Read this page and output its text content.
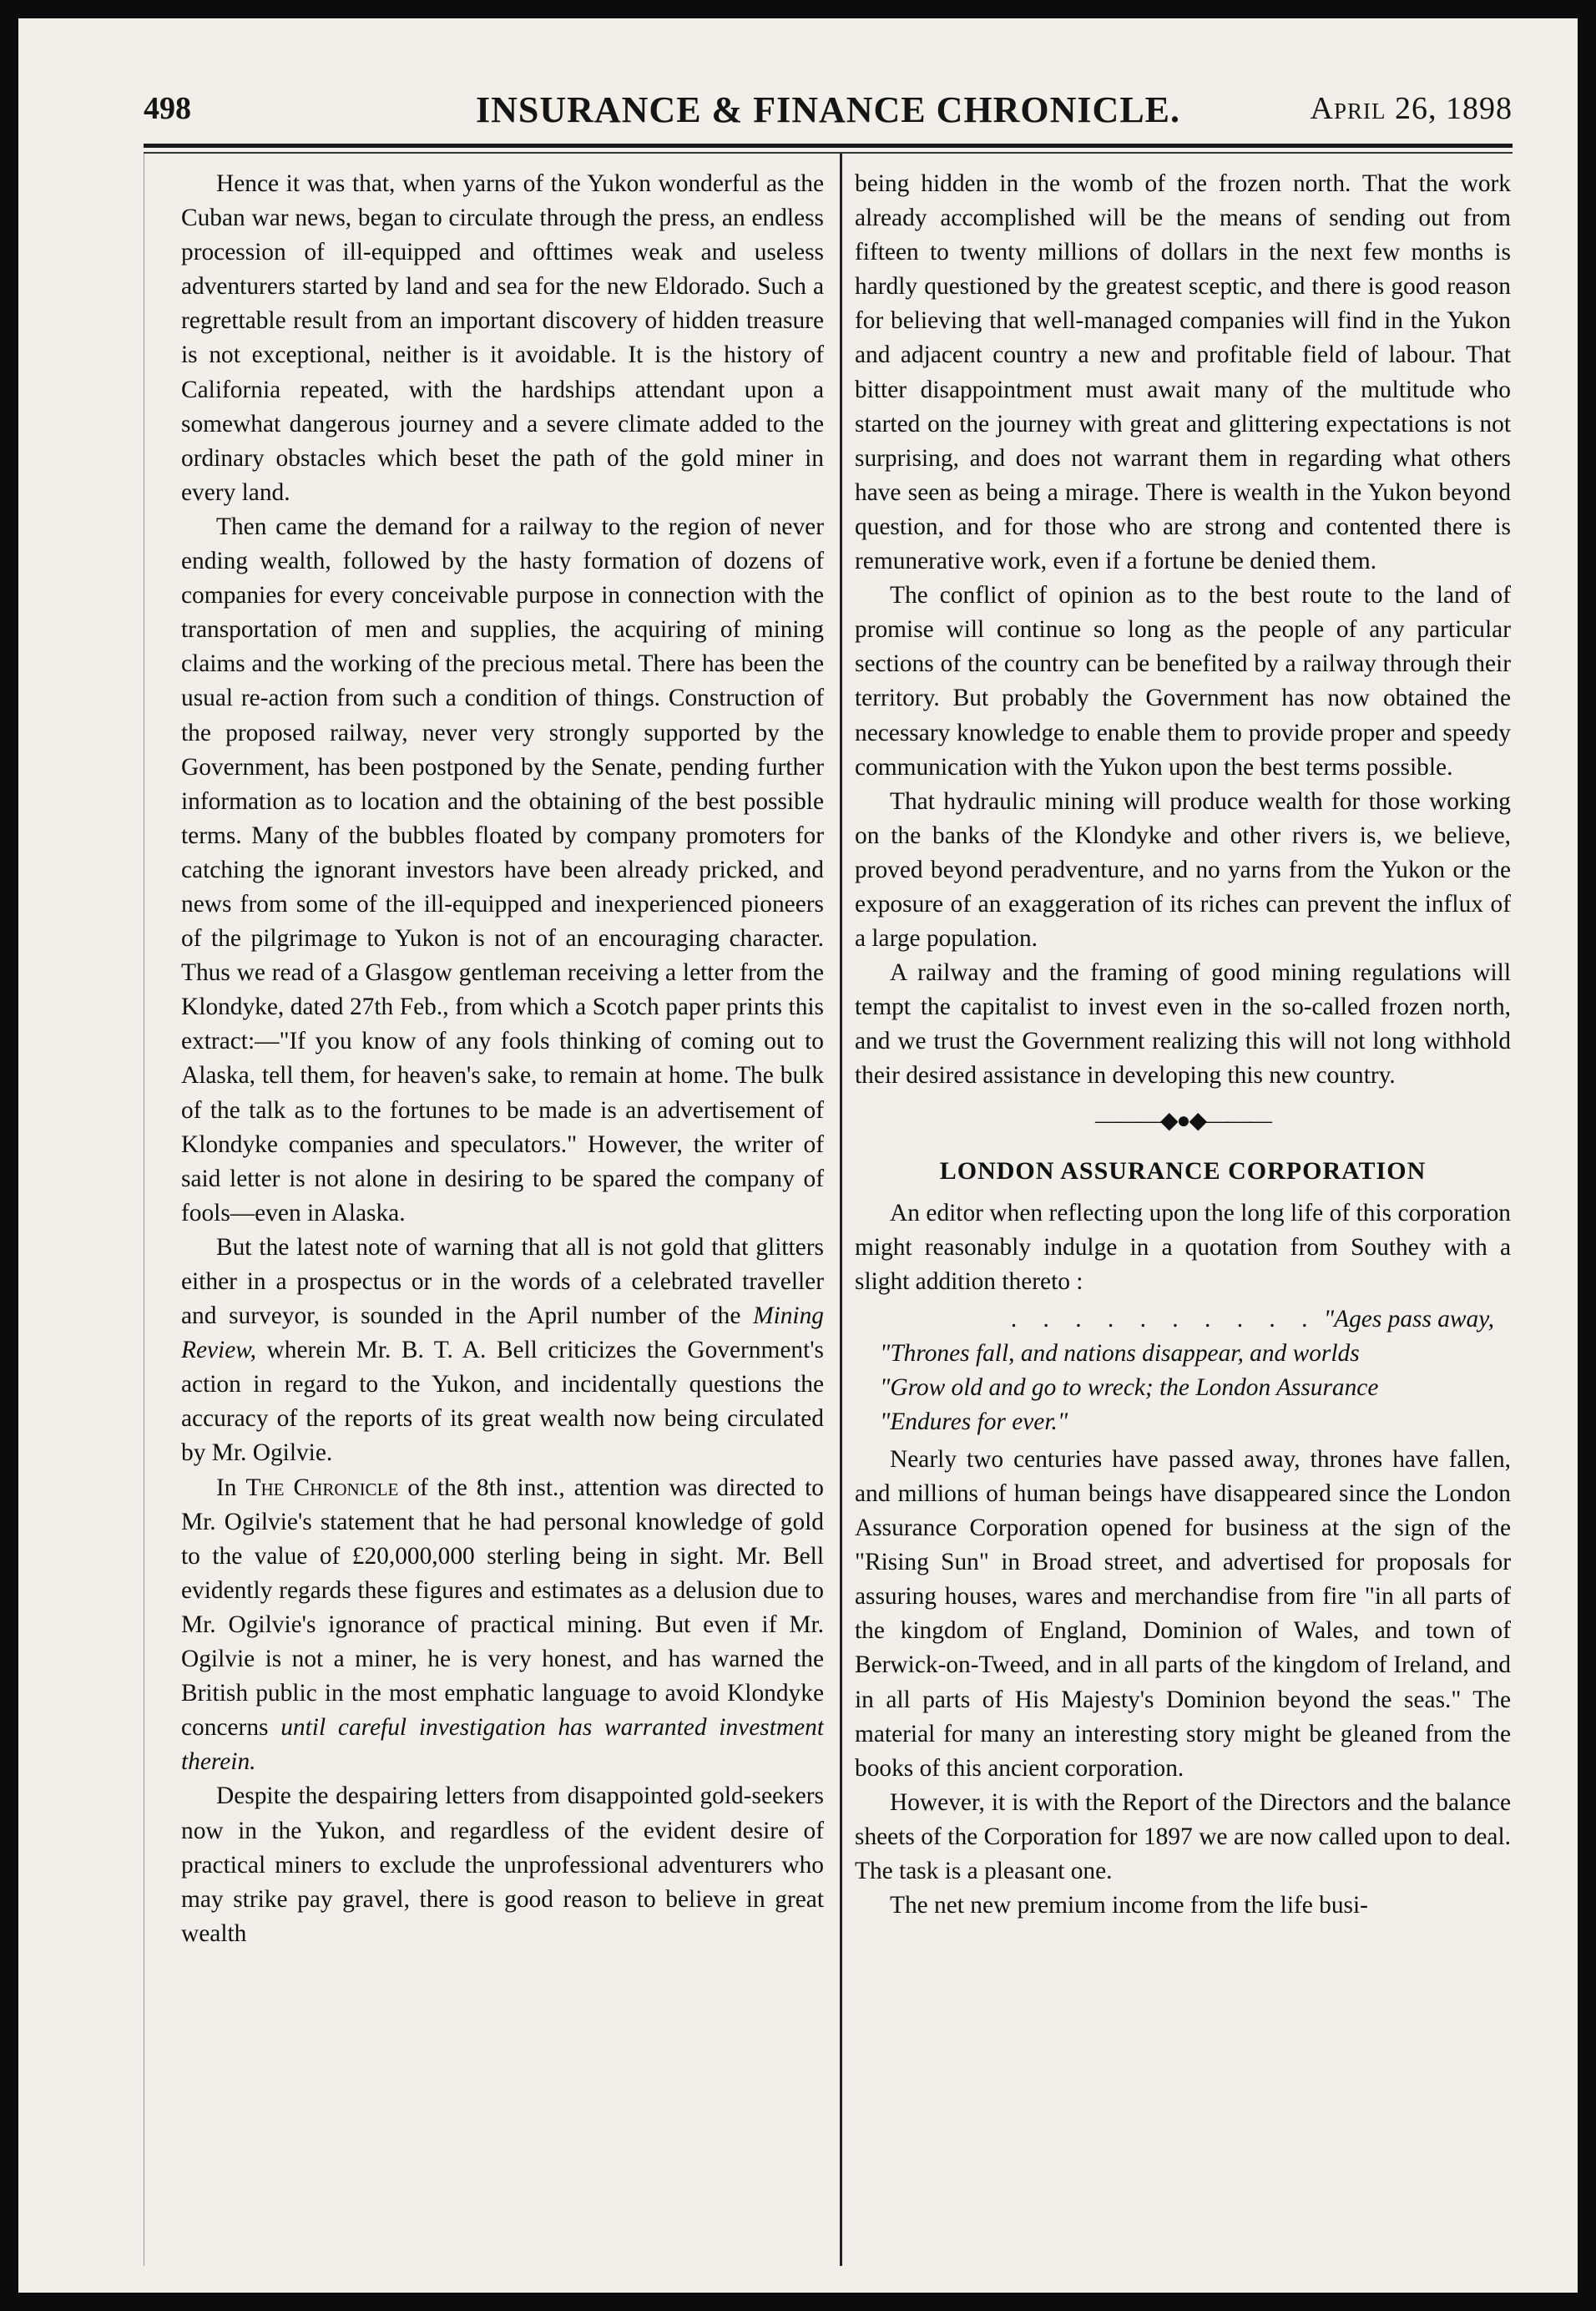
498	INSURANCE & FINANCE CHRONICLE.	April 26, 1898

Hence it was that, when yarns of the Yukon wonderful as the Cuban war news, began to circulate through the press, an endless procession of ill-equipped and ofttimes weak and useless adventurers started by land and sea for the new Eldorado. Such a regrettable result from an important discovery of hidden treasure is not exceptional, neither is it avoidable. It is the history of California repeated, with the hardships attendant upon a somewhat dangerous journey and a severe climate added to the ordinary obstacles which beset the path of the gold miner in every land.

Then came the demand for a railway to the region of never ending wealth, followed by the hasty formation of dozens of companies for every conceivable purpose in connection with the transportation of men and supplies, the acquiring of mining claims and the working of the precious metal. There has been the usual re-action from such a condition of things. Construction of the proposed railway, never very strongly supported by the Government, has been postponed by the Senate, pending further information as to location and the obtaining of the best possible terms. Many of the bubbles floated by company promoters for catching the ignorant investors have been already pricked, and news from some of the ill-equipped and inexperienced pioneers of the pilgrimage to Yukon is not of an encouraging character. Thus we read of a Glasgow gentleman receiving a letter from the Klondyke, dated 27th Feb., from which a Scotch paper prints this extract:—"If you know of any fools thinking of coming out to Alaska, tell them, for heaven's sake, to remain at home. The bulk of the talk as to the fortunes to be made is an advertisement of Klondyke companies and speculators." However, the writer of said letter is not alone in desiring to be spared the company of fools—even in Alaska.

But the latest note of warning that all is not gold that glitters either in a prospectus or in the words of a celebrated traveller and surveyor, is sounded in the April number of the Mining Review, wherein Mr. B. T. A. Bell criticizes the Government's action in regard to the Yukon, and incidentally questions the accuracy of the reports of its great wealth now being circulated by Mr. Ogilvie.

In The Chronicle of the 8th inst., attention was directed to Mr. Ogilvie's statement that he had personal knowledge of gold to the value of £20,000,000 sterling being in sight. Mr. Bell evidently regards these figures and estimates as a delusion due to Mr. Ogilvie's ignorance of practical mining. But even if Mr. Ogilvie is not a miner, he is very honest, and has warned the British public in the most emphatic language to avoid Klondyke concerns until careful investigation has warranted investment therein.

Despite the despairing letters from disappointed gold-seekers now in the Yukon, and regardless of the evident desire of practical miners to exclude the unprofessional adventurers who may strike pay gravel, there is good reason to believe in great wealth

being hidden in the womb of the frozen north. That the work already accomplished will be the means of sending out from fifteen to twenty millions of dollars in the next few months is hardly questioned by the greatest sceptic, and there is good reason for believing that well-managed companies will find in the Yukon and adjacent country a new and profitable field of labour. That bitter disappointment must await many of the multitude who started on the journey with great and glittering expectations is not surprising, and does not warrant them in regarding what others have seen as being a mirage. There is wealth in the Yukon beyond question, and for those who are strong and contented there is remunerative work, even if a fortune be denied them.

The conflict of opinion as to the best route to the land of promise will continue so long as the people of any particular sections of the country can be benefited by a railway through their territory. But probably the Government has now obtained the necessary knowledge to enable them to provide proper and speedy communication with the Yukon upon the best terms possible.

That hydraulic mining will produce wealth for those working on the banks of the Klondyke and other rivers is, we believe, proved beyond peradventure, and no yarns from the Yukon or the exposure of an exaggeration of its riches can prevent the influx of a large population.

A railway and the framing of good mining regulations will tempt the capitalist to invest even in the so-called frozen north, and we trust the Government realizing this will not long withhold their desired assistance in developing this new country.

———◆●◆———
LONDON ASSURANCE CORPORATION

An editor when reflecting upon the long life of this corporation might reasonably indulge in a quotation from Southey with a slight addition thereto :

. . . . . . . . . . "Ages pass away,
"Thrones fall, and nations disappear, and worlds
"Grow old and go to wreck; the London Assurance
"Endures for ever."

Nearly two centuries have passed away, thrones have fallen, and millions of human beings have disappeared since the London Assurance Corporation opened for business at the sign of the "Rising Sun" in Broad street, and advertised for proposals for assuring houses, wares and merchandise from fire "in all parts of the kingdom of England, Dominion of Wales, and town of Berwick-on-Tweed, and in all parts of the kingdom of Ireland, and in all parts of His Majesty's Dominion beyond the seas." The material for many an interesting story might be gleaned from the books of this ancient corporation.

However, it is with the Report of the Directors and the balance sheets of the Corporation for 1897 we are now called upon to deal. The task is a pleasant one.

The net new premium income from the life busi-
